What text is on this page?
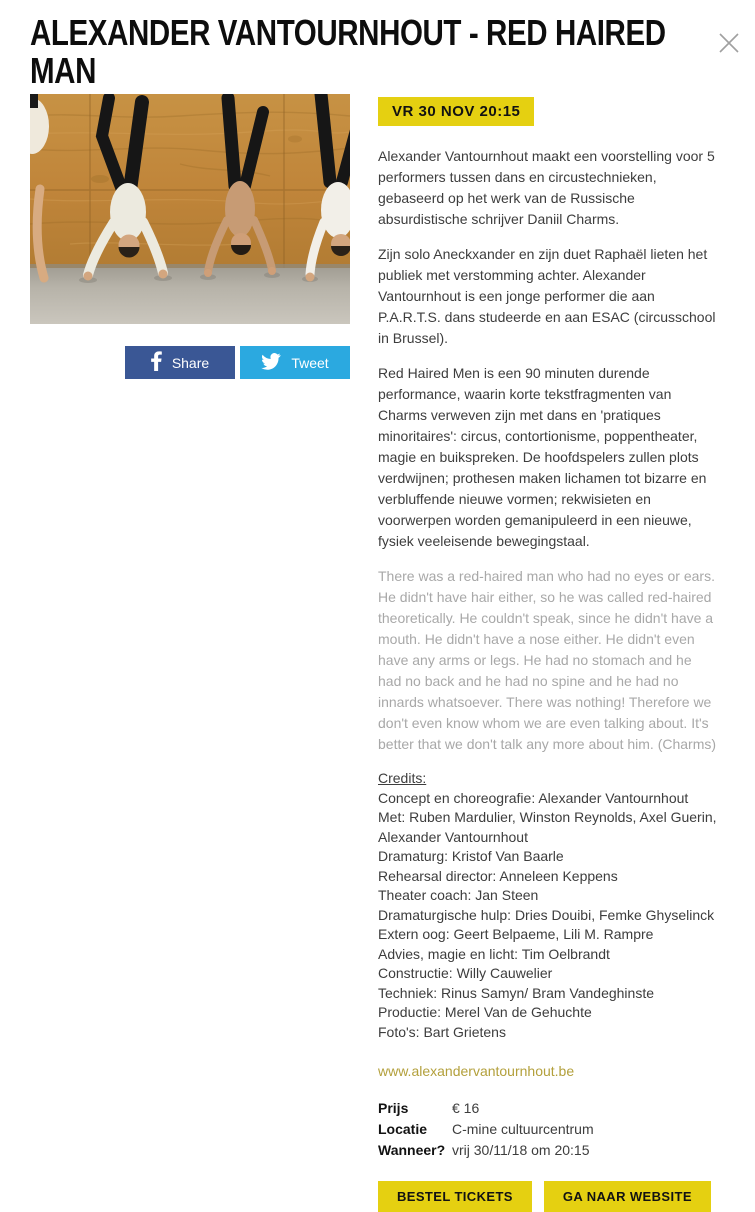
ALEXANDER VANTOURNHOUT - RED HAIRED MAN
Share	Tweet
VR 30 NOV 20:15

Alexander Vantournhout maakt een voorstelling voor 5 performers tussen dans en circustechnieken, gebaseerd op het werk van de Russische absurdistische schrijver Daniil Charms.

Zijn solo Aneckxander en zijn duet Raphaël lieten het publiek met verstomming achter. Alexander Vantournhout is een jonge performer die aan P.A.R.T.S. dans studeerde en aan ESAC (circusschool in Brussel).

Red Haired Men is een 90 minuten durende performance, waarin korte tekstfragmenten van Charms verweven zijn met dans en 'pratiques minoritaires': circus, contortionisme, poppentheater, magie en buikspreken. De hoofdspelers zullen plots verdwijnen; prothesen maken lichamen tot bizarre en verbluffende nieuwe vormen; rekwisieten en voorwerpen worden gemanipuleerd in een nieuwe, fysiek veeleisende bewegingstaal.

There was a red-haired man who had no eyes or ears. He didn't have hair either, so he was called red-haired theoretically. He couldn't speak, since he didn't have a mouth. He didn't have a nose either. He didn't even have any arms or legs. He had no stomach and he had no back and he had no spine and he had no innards whatsoever. There was nothing! Therefore we don't even know whom we are even talking about. It's better that we don't talk any more about him. (Charms)

Credits:
Concept en choreografie: Alexander Vantournhout
Met: Ruben Mardulier, Winston Reynolds, Axel Guerin, Alexander Vantournhout
Dramaturg: Kristof Van Baarle
Rehearsal director: Anneleen Keppens
Theater coach: Jan Steen
Dramaturgische hulp: Dries Douibi, Femke Ghyselinck
Extern oog: Geert Belpaeme, Lili M. Rampre
Advies, magie en licht: Tim Oelbrandt
Constructie: Willy Cauwelier
Techniek: Rinus Samyn/ Bram Vandeghinste
Productie: Merel Van de Gehuchte
Foto's: Bart Grietens
www.alexandervantournhout.be
Prijs	€ 16
Locatie	C-mine cultuurcentrum
Wanneer? vrij 30/11/18 om 20:15
BESTEL TICKETS	GA NAAR WEBSITE
